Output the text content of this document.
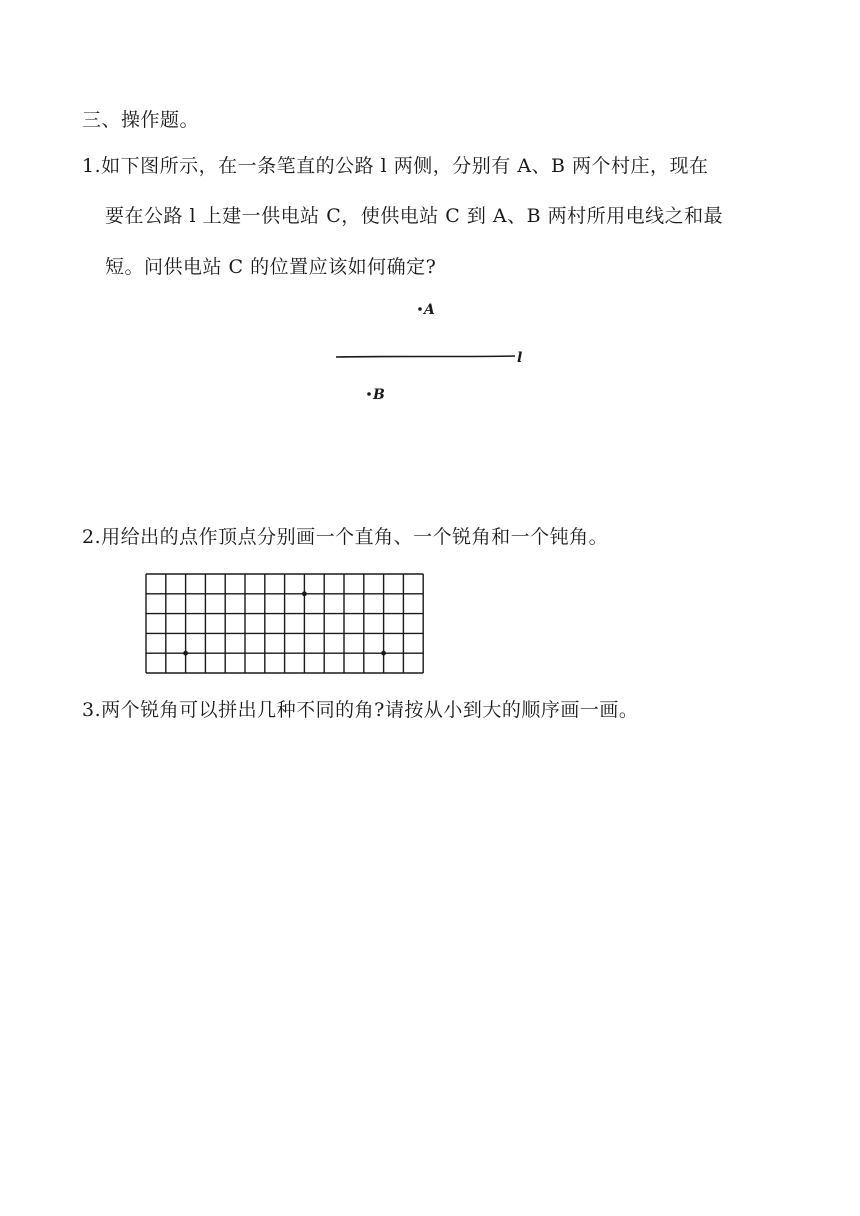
三、操作题。
1.如下图所示，在一条笔直的公路 l 两侧，分别有 A、B 两个村庄，现在
要在公路 l 上建一供电站 C，使供电站 C 到 A、B 两村所用电线之和最
短。问供电站 C 的位置应该如何确定?
A
l
B
2.用给出的点作顶点分别画一个直角、一个锐角和一个钝角。
3.两个锐角可以拼出几种不同的角?请按从小到大的顺序画一画。
